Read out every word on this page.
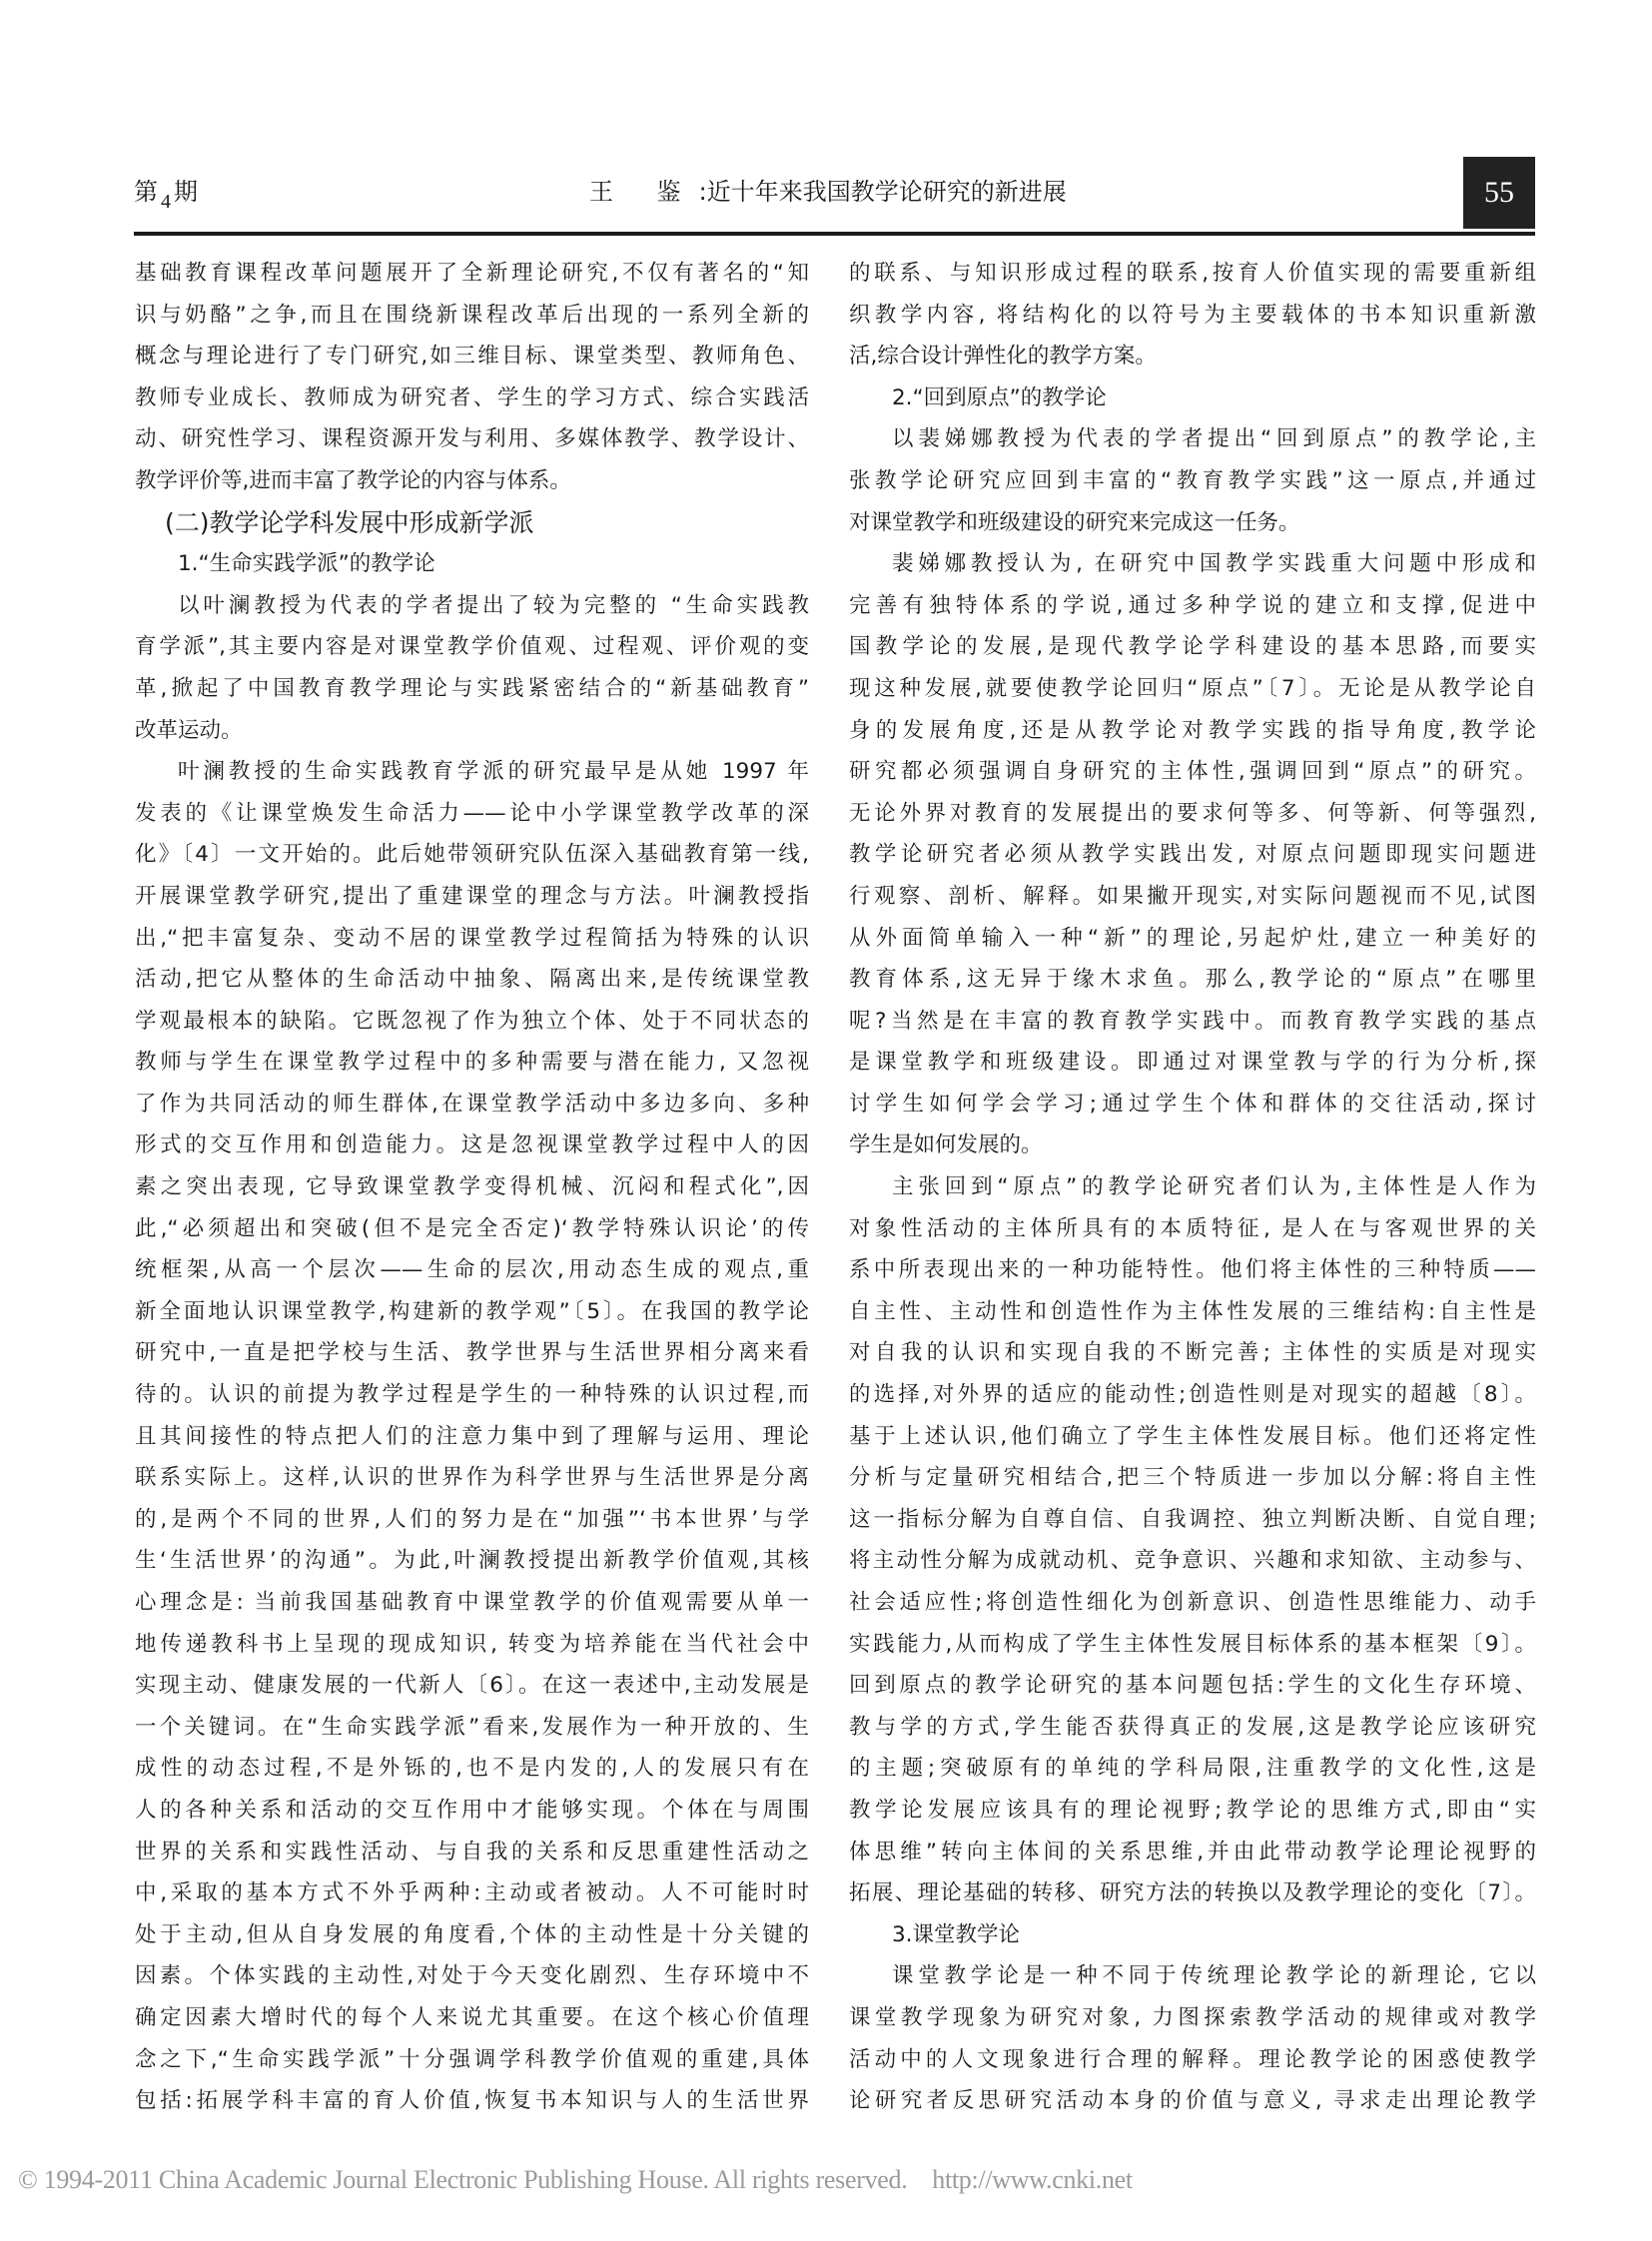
第 $_4$ 期	王 鉴:近十年来我国教学论研究的新进展	55
基础教育课程改革问题展开了全新理论研究,不仅有著名的“知
识与奶酪”之争,而且在围绕新课程改革后出现的一系列全新的
概念与理论进行了专门研究,如三维目标、课堂类型、教师角色、
教师专业成长、教师成为研究者、学生的学习方式、综合实践活
动、研究性学习、课程资源开发与利用、多媒体教学、教学设计、
教学评价等,进而丰富了教学论的内容与体系。
(二)教学论学科发展中形成新学派
1.“生命实践学派”的教学论
以叶澜教授为代表的学者提出了较为完整的 “生命实践教
育学派”,其主要内容是对课堂教学价值观、过程观、评价观的变
革,掀起了中国教育教学理论与实践紧密结合的“新基础教育”
改革运动。
叶澜教授的生命实践教育学派的研究最早是从她 1997 年
发表的《让课堂焕发生命活力——论中小学课堂教学改革的深
化》〔4〕一文开始的。此后她带领研究队伍深入基础教育第一线,
开展课堂教学研究,提出了重建课堂的理念与方法。叶澜教授指
出,“把丰富复杂、变动不居的课堂教学过程简括为特殊的认识
活动,把它从整体的生命活动中抽象、隔离出来,是传统课堂教
学观最根本的缺陷。它既忽视了作为独立个体、处于不同状态的
教师与学生在课堂教学过程中的多种需要与潜在能力, 又忽视
了作为共同活动的师生群体,在课堂教学活动中多边多向、多种
形式的交互作用和创造能力。这是忽视课堂教学过程中人的因
素之突出表现, 它导致课堂教学变得机械、沉闷和程式化”,因
此,“必须超出和突破(但不是完全否定)‘教学特殊认识论’的传
统框架,从高一个层次——生命的层次,用动态生成的观点,重
新全面地认识课堂教学,构建新的教学观”〔5〕。在我国的教学论
研究中,一直是把学校与生活、教学世界与生活世界相分离来看
待的。认识的前提为教学过程是学生的一种特殊的认识过程,而
且其间接性的特点把人们的注意力集中到了理解与运用、理论
联系实际上。这样,认识的世界作为科学世界与生活世界是分离
的,是两个不同的世界,人们的努力是在“加强”‘书本世界’与学
生‘生活世界’的沟通”。为此,叶澜教授提出新教学价值观,其核
心理念是: 当前我国基础教育中课堂教学的价值观需要从单一
地传递教科书上呈现的现成知识, 转变为培养能在当代社会中
实现主动、健康发展的一代新人〔6〕。在这一表述中,主动发展是
一个关键词。在“生命实践学派”看来,发展作为一种开放的、生
成性的动态过程,不是外铄的,也不是内发的,人的发展只有在
人的各种关系和活动的交互作用中才能够实现。个体在与周围
世界的关系和实践性活动、与自我的关系和反思重建性活动之
中,采取的基本方式不外乎两种:主动或者被动。人不可能时时
处于主动,但从自身发展的角度看,个体的主动性是十分关键的
因素。个体实践的主动性,对处于今天变化剧烈、生存环境中不
确定因素大增时代的每个人来说尤其重要。在这个核心价值理
念之下,“生命实践学派”十分强调学科教学价值观的重建,具体
包括:拓展学科丰富的育人价值,恢复书本知识与人的生活世界
的联系、与知识形成过程的联系,按育人价值实现的需要重新组
织教学内容, 将结构化的以符号为主要载体的书本知识重新激
活,综合设计弹性化的教学方案。
2.“回到原点”的教学论
以裴娣娜教授为代表的学者提出“回到原点”的教学论,主
张教学论研究应回到丰富的“教育教学实践”这一原点,并通过
对课堂教学和班级建设的研究来完成这一任务。
裴娣娜教授认为, 在研究中国教学实践重大问题中形成和
完善有独特体系的学说,通过多种学说的建立和支撑,促进中
国教学论的发展,是现代教学论学科建设的基本思路,而要实
现这种发展,就要使教学论回归“原点”〔7〕。无论是从教学论自
身的发展角度,还是从教学论对教学实践的指导角度,教学论
研究都必须强调自身研究的主体性,强调回到“原点”的研究。
无论外界对教育的发展提出的要求何等多、何等新、何等强烈,
教学论研究者必须从教学实践出发, 对原点问题即现实问题进
行观察、剖析、解释。如果撇开现实,对实际问题视而不见,试图
从外面简单输入一种“新”的理论,另起炉灶,建立一种美好的
教育体系,这无异于缘木求鱼。那么,教学论的“原点”在哪里
呢?当然是在丰富的教育教学实践中。而教育教学实践的基点
是课堂教学和班级建设。即通过对课堂教与学的行为分析,探
讨学生如何学会学习;通过学生个体和群体的交往活动,探讨
学生是如何发展的。
主张回到“原点”的教学论研究者们认为,主体性是人作为
对象性活动的主体所具有的本质特征, 是人在与客观世界的关
系中所表现出来的一种功能特性。他们将主体性的三种特质——
自主性、主动性和创造性作为主体性发展的三维结构:自主性是
对自我的认识和实现自我的不断完善; 主体性的实质是对现实
的选择,对外界的适应的能动性;创造性则是对现实的超越〔8〕。
基于上述认识,他们确立了学生主体性发展目标。他们还将定性
分析与定量研究相结合,把三个特质进一步加以分解:将自主性
这一指标分解为自尊自信、自我调控、独立判断决断、自觉自理;
将主动性分解为成就动机、竞争意识、兴趣和求知欲、主动参与、
社会适应性;将创造性细化为创新意识、创造性思维能力、动手
实践能力,从而构成了学生主体性发展目标体系的基本框架〔9〕。
回到原点的教学论研究的基本问题包括:学生的文化生存环境、
教与学的方式,学生能否获得真正的发展,这是教学论应该研究
的主题;突破原有的单纯的学科局限,注重教学的文化性,这是
教学论发展应该具有的理论视野;教学论的思维方式,即由“实
体思维”转向主体间的关系思维,并由此带动教学论理论视野的
拓展、理论基础的转移、研究方法的转换以及教学理论的变化〔7〕。
3.课堂教学论
课堂教学论是一种不同于传统理论教学论的新理论, 它以
课堂教学现象为研究对象, 力图探索教学活动的规律或对教学
活动中的人文现象进行合理的解释。理论教学论的困惑使教学
论研究者反思研究活动本身的价值与意义, 寻求走出理论教学
© 1994-2011 China Academic Journal Electronic Publishing House. All rights reserved. http://www.cnki.net
